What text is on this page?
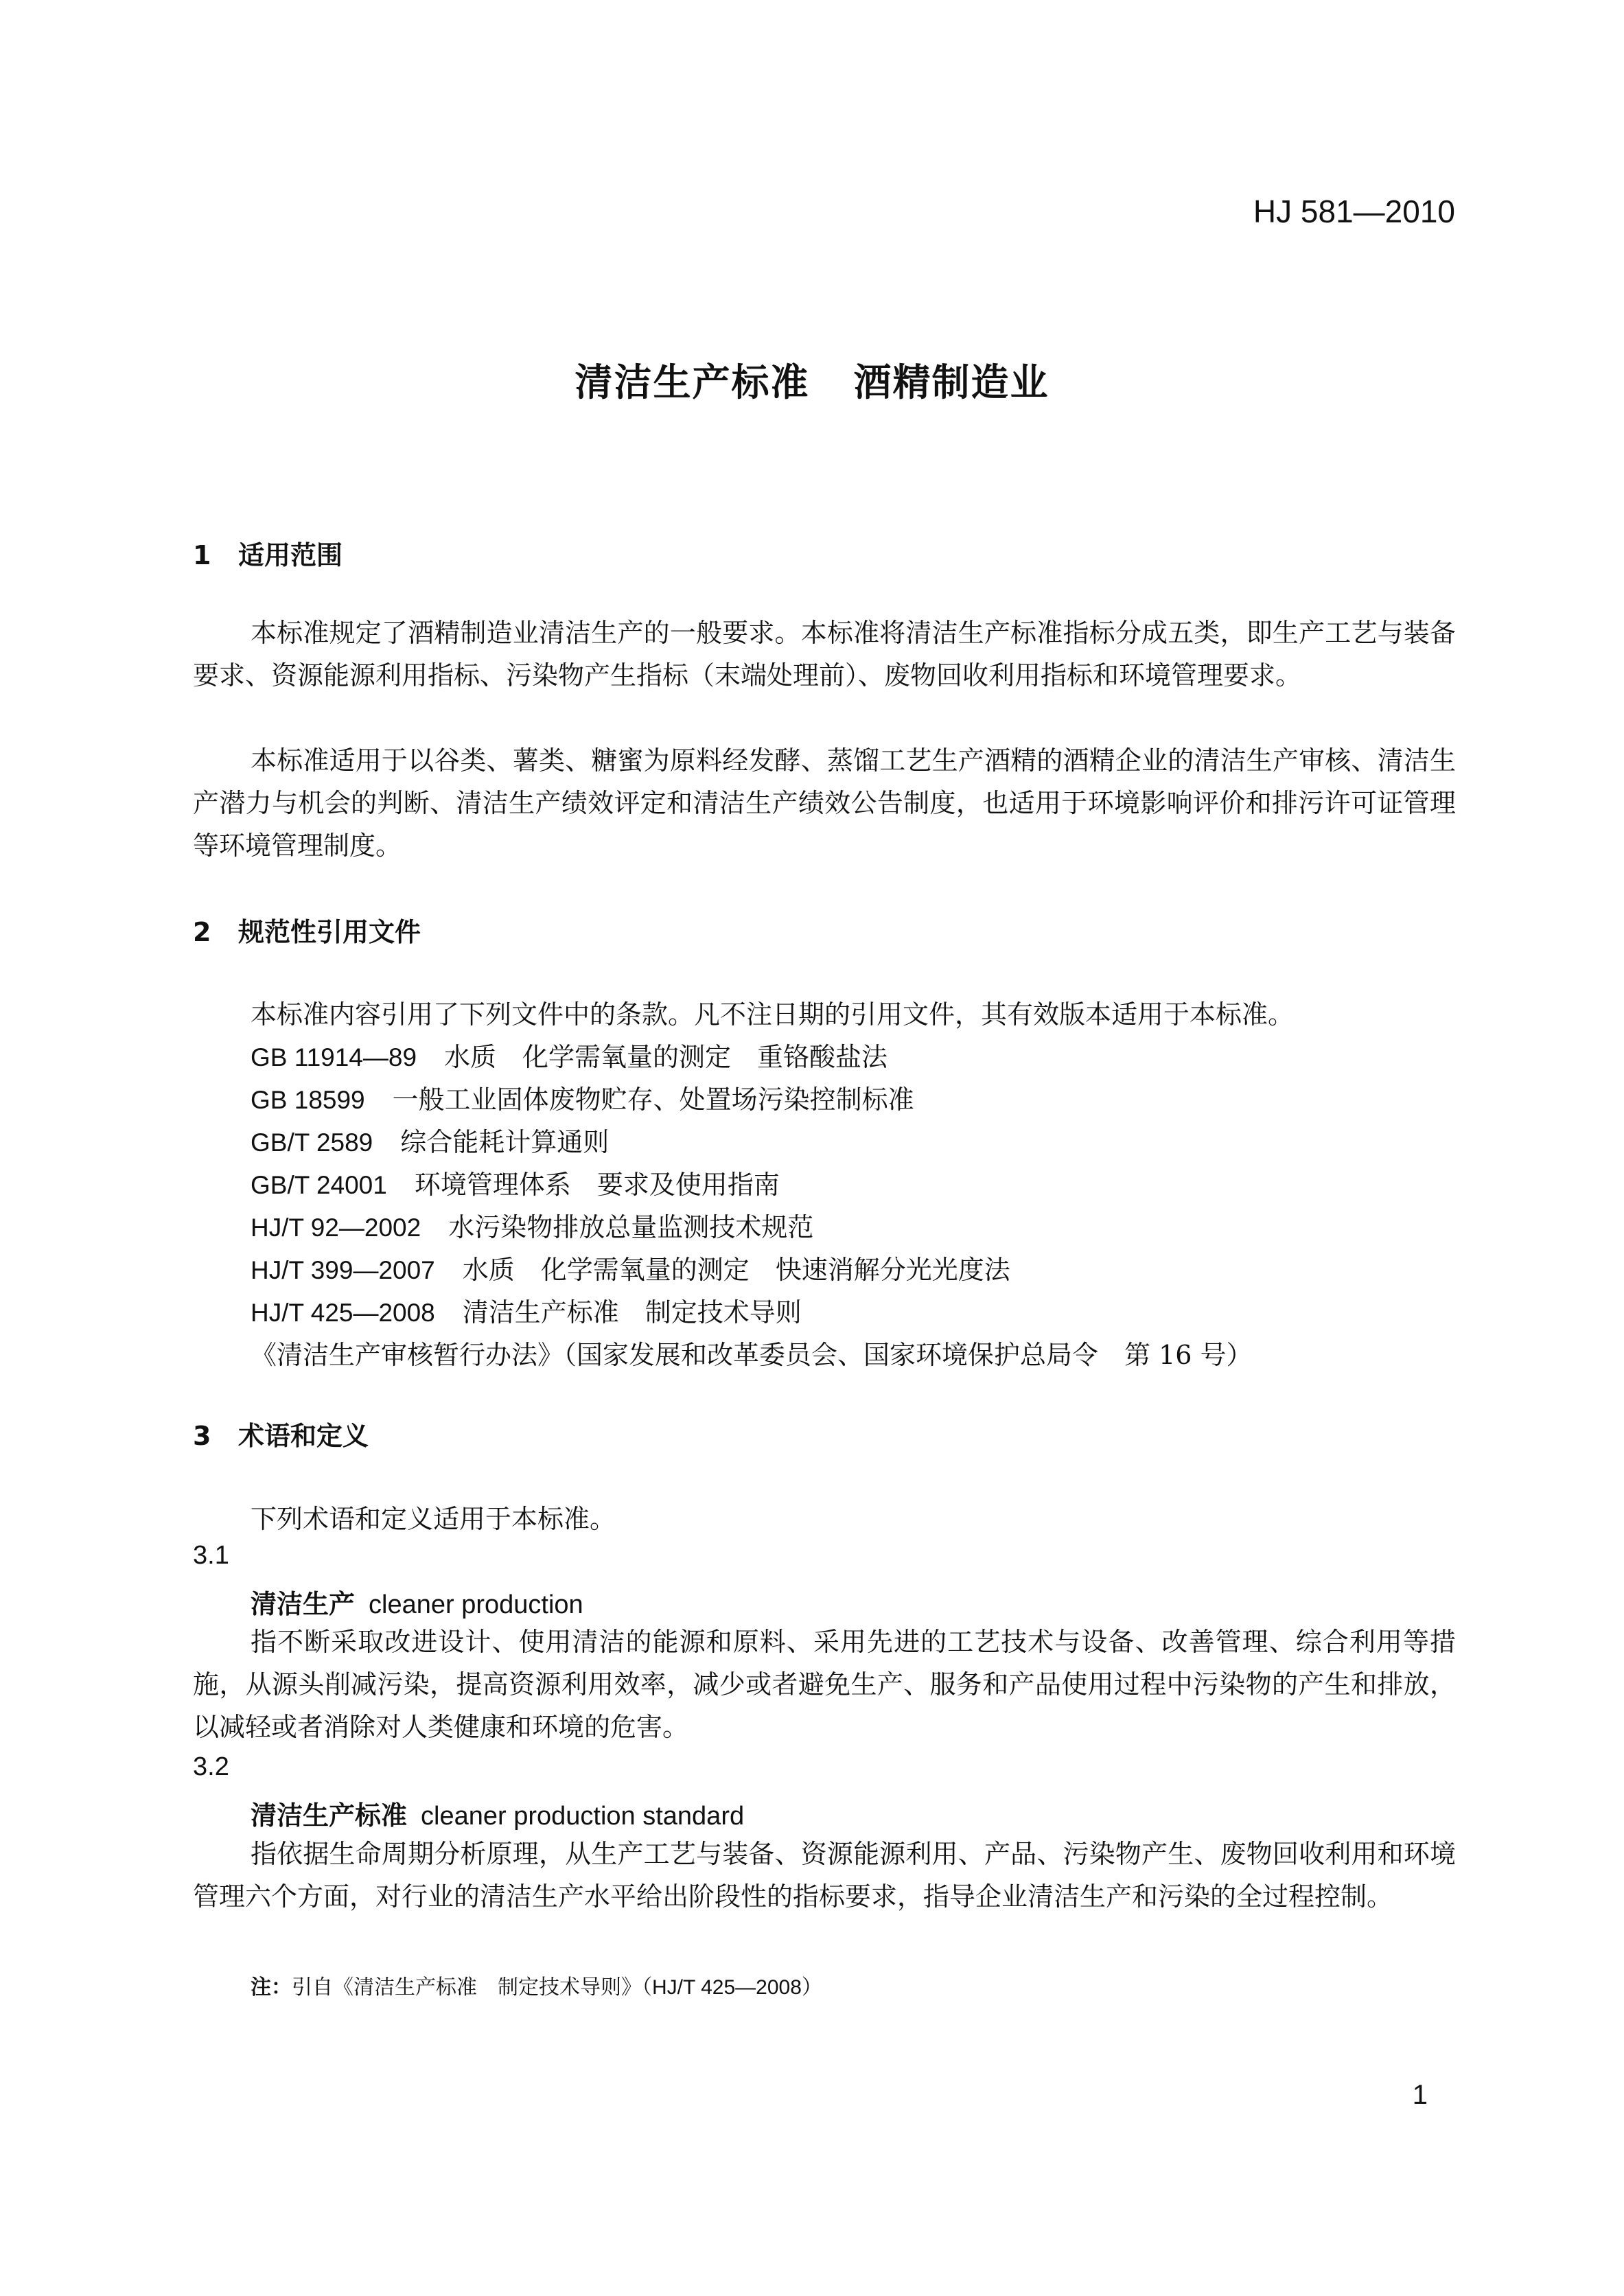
HJ 581—2010
清洁生产标准 酒精制造业
1 适用范围

本标准规定了酒精制造业清洁生产的一般要求。本标准将清洁生产标准指标分成五类，即生产工艺与装备要求、资源能源利用指标、污染物产生指标（末端处理前）、废物回收利用指标和环境管理要求。

本标准适用于以谷类、薯类、糖蜜为原料经发酵、蒸馏工艺生产酒精的酒精企业的清洁生产审核、清洁生产潜力与机会的判断、清洁生产绩效评定和清洁生产绩效公告制度，也适用于环境影响评价和排污许可证管理等环境管理制度。

2 规范性引用文件
本标准内容引用了下列文件中的条款。凡不注日期的引用文件，其有效版本适用于本标准。
GB 11914—89 水质　化学需氧量的测定　重铬酸盐法
GB 18599 一般工业固体废物贮存、处置场污染控制标准
GB/T 2589 综合能耗计算通则
GB/T 24001 环境管理体系　要求及使用指南
HJ/T 92—2002 水污染物排放总量监测技术规范
HJ/T 399—2007 水质　化学需氧量的测定　快速消解分光光度法
HJ/T 425—2008 清洁生产标准　制定技术导则
《清洁生产审核暂行办法》（国家发展和改革委员会、国家环境保护总局令　第 16 号）
3 术语和定义
下列术语和定义适用于本标准。
3.1
清洁生产 cleaner production

指不断采取改进设计、使用清洁的能源和原料、采用先进的工艺技术与设备、改善管理、综合利用等措施，从源头削减污染，提高资源利用效率，减少或者避免生产、服务和产品使用过程中污染物的产生和排放，以减轻或者消除对人类健康和环境的危害。

3.2
清洁生产标准 cleaner production standard

指依据生命周期分析原理，从生产工艺与装备、资源能源利用、产品、污染物产生、废物回收利用和环境管理六个方面，对行业的清洁生产水平给出阶段性的指标要求，指导企业清洁生产和污染的全过程控制。

注：引自《清洁生产标准　制定技术导则》（HJ/T 425—2008）
1
